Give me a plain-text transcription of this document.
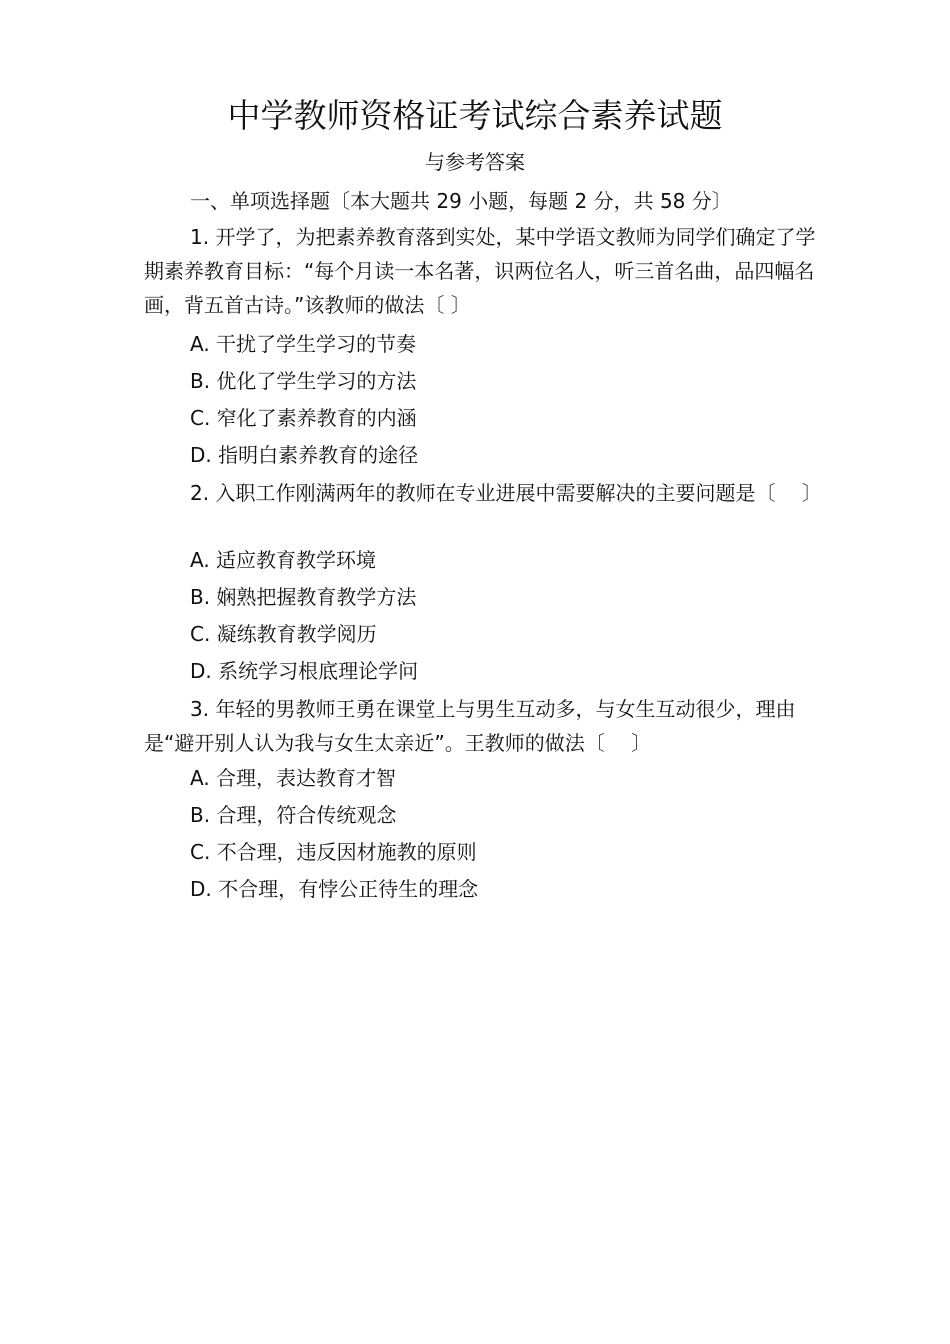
中学教师资格证考试综合素养试题
与参考答案
一、单项选择题〔本大题共 29 小题，每题 2 分，共 58 分〕
1. 开学了，为把素养教育落到实处，某中学语文教师为同学们确定了学期素养教育目标：“每个月读一本名著，识两位名人，听三首名曲，品四幅名画，背五首古诗。”该教师的做法〔 〕
A. 干扰了学生学习的节奏
B. 优化了学生学习的方法
C. 窄化了素养教育的内涵
D. 指明白素养教育的途径
2. 入职工作刚满两年的教师在专业进展中需要解决的主要问题是〔　 〕
A. 适应教育教学环境
B. 娴熟把握教育教学方法
C. 凝练教育教学阅历
D. 系统学习根底理论学问
3. 年轻的男教师王勇在课堂上与男生互动多，与女生互动很少，理由是“避开别人认为我与女生太亲近”。王教师的做法〔　 〕
A. 合理，表达教育才智
B. 合理，符合传统观念
C. 不合理，违反因材施教的原则
D. 不合理，有悖公正待生的理念
